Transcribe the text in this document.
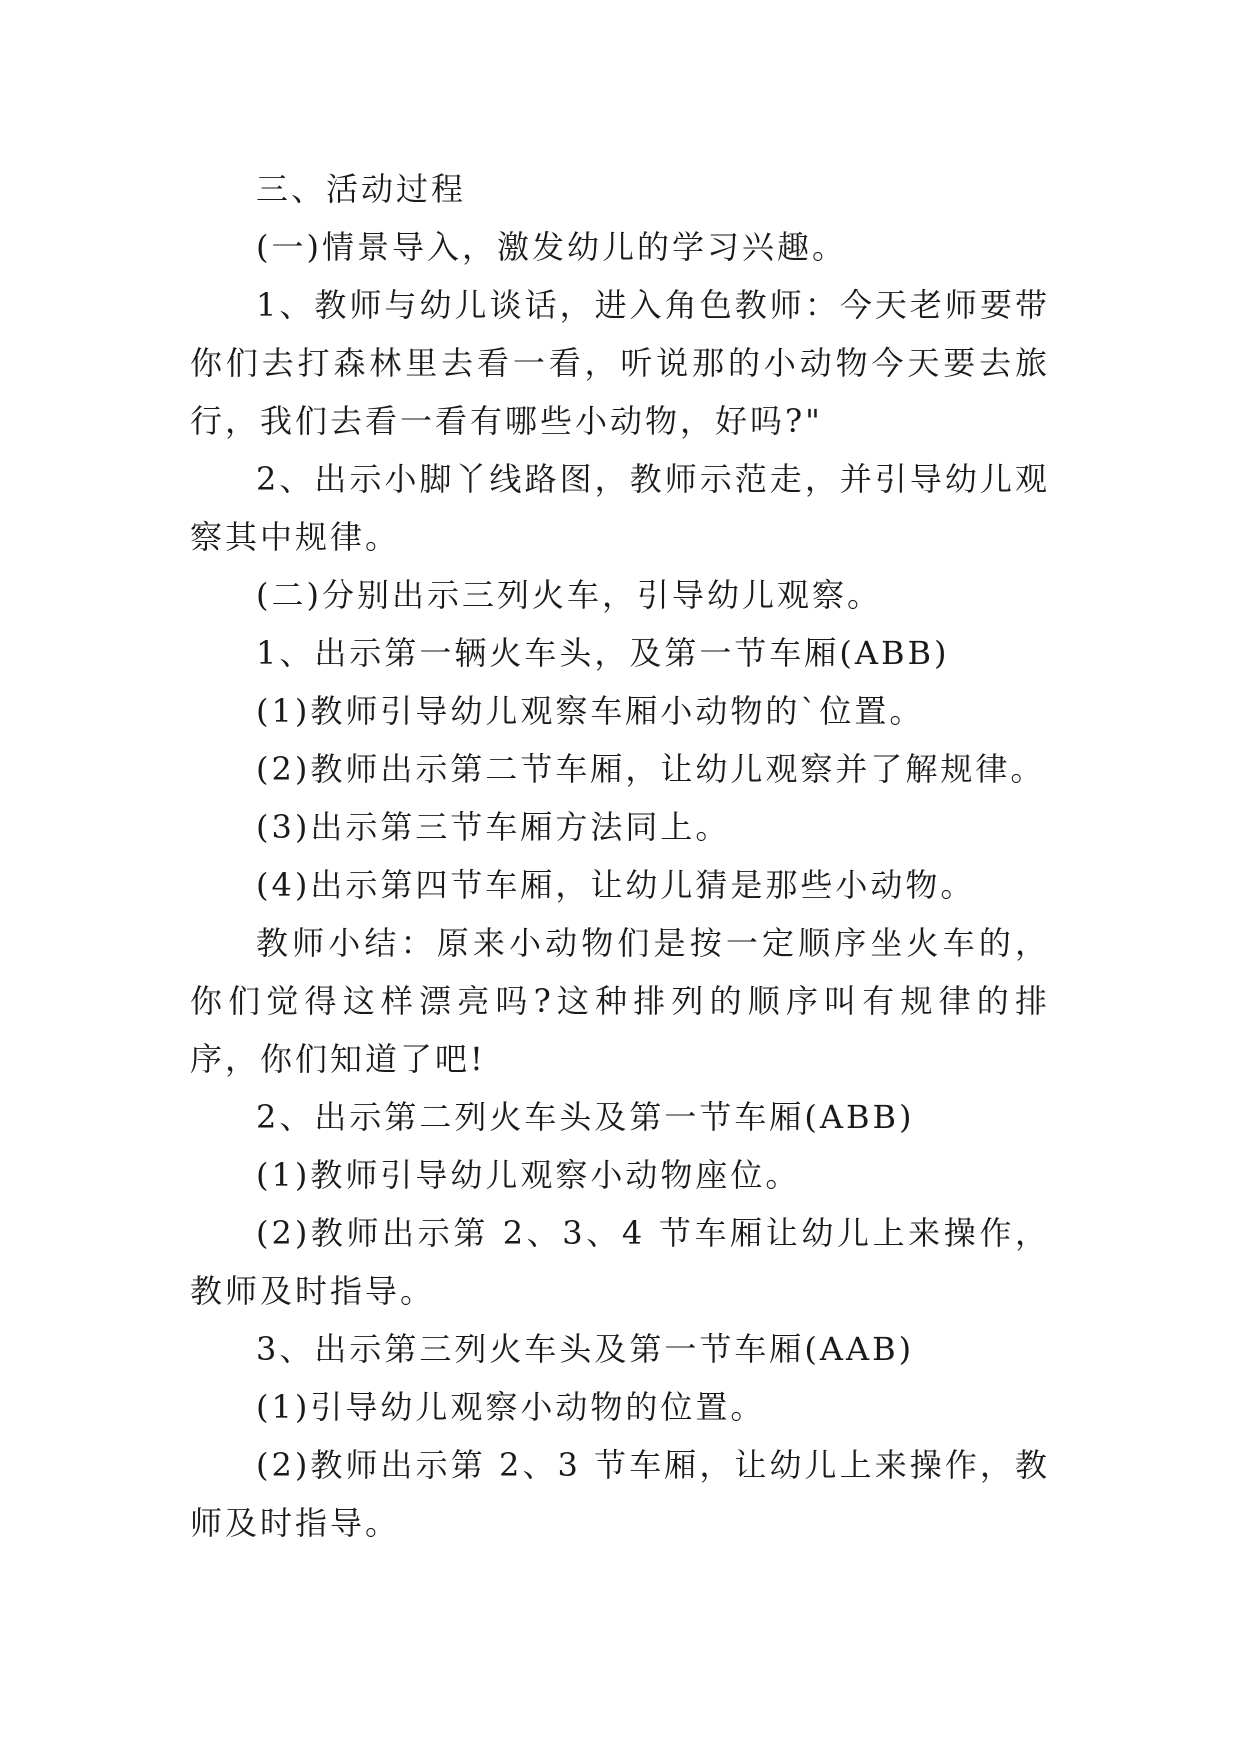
三、活动过程

(一)情景导入，激发幼儿的学习兴趣。

1、教师与幼儿谈话，进入角色教师：今天老师要带你们去打森林里去看一看，听说那的小动物今天要去旅行，我们去看一看有哪些小动物，好吗?"

2、出示小脚丫线路图，教师示范走，并引导幼儿观察其中规律。

(二)分别出示三列火车，引导幼儿观察。

1、出示第一辆火车头，及第一节车厢(ABB)

(1)教师引导幼儿观察车厢小动物的`位置。

(2)教师出示第二节车厢，让幼儿观察并了解规律。

(3)出示第三节车厢方法同上。

(4)出示第四节车厢，让幼儿猜是那些小动物。

教师小结：原来小动物们是按一定顺序坐火车的，你们觉得这样漂亮吗?这种排列的顺序叫有规律的排序，你们知道了吧!

2、出示第二列火车头及第一节车厢(ABB)

(1)教师引导幼儿观察小动物座位。

(2)教师出示第 2、3、4 节车厢让幼儿上来操作，教师及时指导。

3、出示第三列火车头及第一节车厢(AAB)

(1)引导幼儿观察小动物的位置。

(2)教师出示第 2、3 节车厢，让幼儿上来操作，教师及时指导。
